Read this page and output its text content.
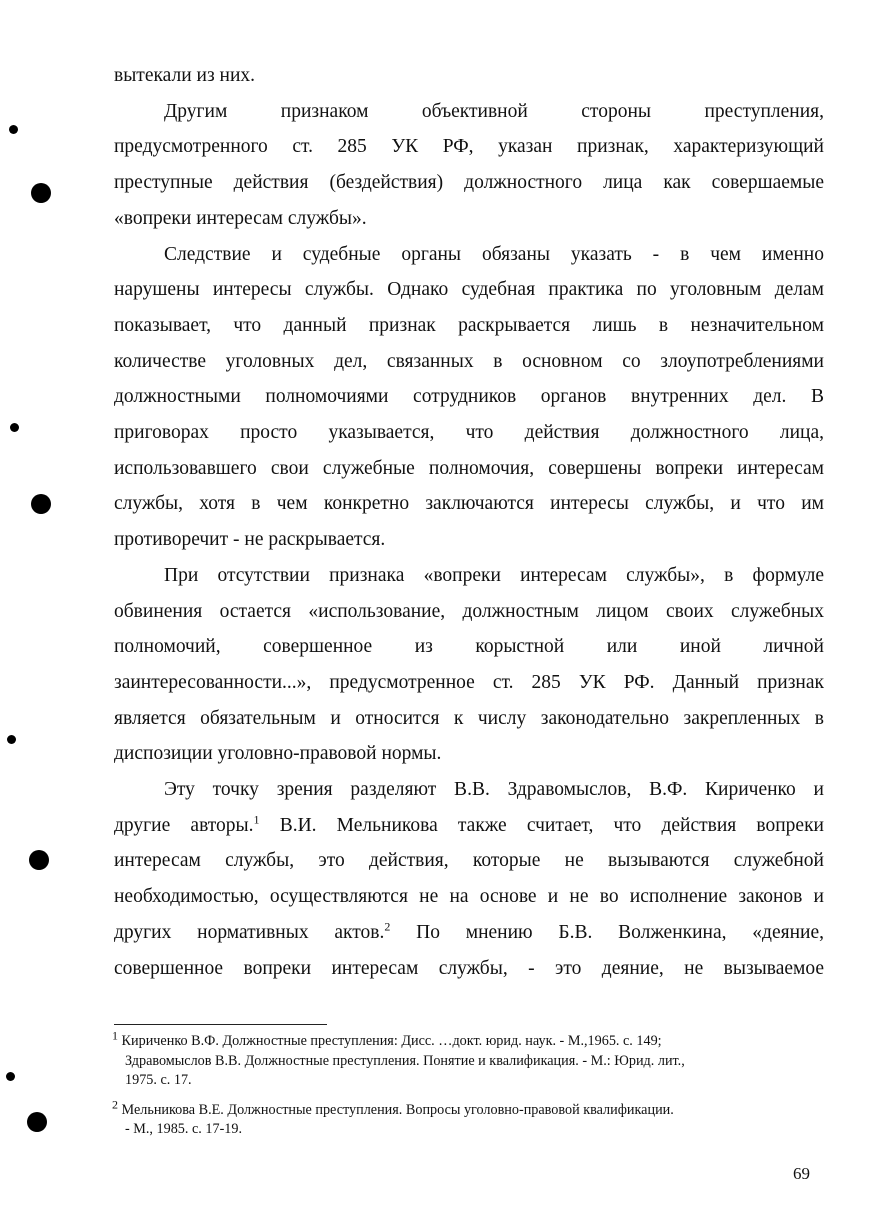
вытекали из них.

Другим признаком объективной стороны преступления,

предусмотренного ст. 285 УК РФ, указан признак, характеризующий

преступные действия (бездействия) должностного лица как совершаемые

«вопреки интересам службы».

Следствие и судебные органы обязаны указать - в чем именно

нарушены интересы службы. Однако судебная практика по уголовным делам

показывает, что данный признак раскрывается лишь в незначительном

количестве уголовных дел, связанных в основном со злоупотреблениями

должностными полномочиями сотрудников органов внутренних дел. В

приговорах просто указывается, что действия должностного лица,

использовавшего свои служебные полномочия, совершены вопреки интересам

службы, хотя в чем конкретно заключаются интересы службы, и что им

противоречит - не раскрывается.

При отсутствии признака «вопреки интересам службы», в формуле

обвинения остается «использование, должностным лицом своих служебных

полномочий, совершенное из корыстной или иной личной

заинтересованности...», предусмотренное ст. 285 УК РФ. Данный признак

является обязательным и относится к числу законодательно закрепленных в

диспозиции уголовно-правовой нормы.

Эту точку зрения разделяют В.В. Здравомыслов, В.Ф. Кириченко и

другие авторы.$^1$ В.И. Мельникова также считает, что действия вопреки

интересам службы, это действия, которые не вызываются служебной

необходимостью, осуществляются не на основе и не во исполнение законов и

других нормативных актов.$^2$ По мнению Б.В. Волженкина, «деяние,

совершенное вопреки интересам службы, - это деяние, не вызываемое

$^1$ Кириченко В.Ф. Должностные преступления: Дисс. …докт. юрид. наук. - М.,1965. с. 149;
Здравомыслов В.В. Должностные преступления. Понятие и квалификация. - М.: Юрид. лит.,
1975. с. 17.

$^2$ Мельникова В.Е. Должностные преступления. Вопросы уголовно-правовой квалификации.
- М., 1985. с. 17-19.

69
